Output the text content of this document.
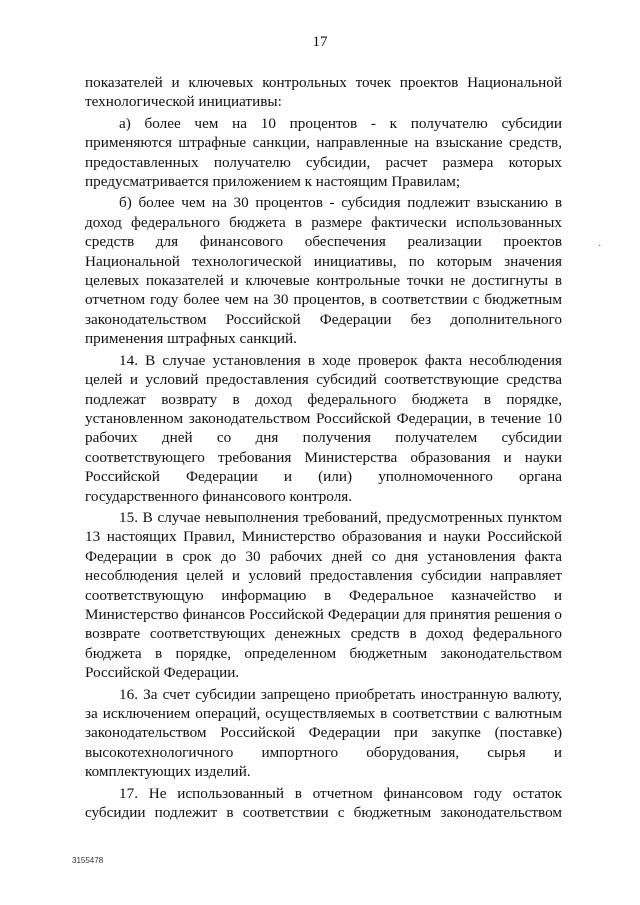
17

показателей и ключевых контрольных точек проектов Национальной технологической инициативы:

а) более чем на 10 процентов - к получателю субсидии применяются штрафные санкции, направленные на взыскание средств, предоставленных получателю субсидии, расчет размера которых предусматривается приложением к настоящим Правилам;

б) более чем на 30 процентов - субсидия подлежит взысканию в доход федерального бюджета в размере фактически использованных средств для финансового обеспечения реализации проектов Национальной технологической инициативы, по которым значения целевых показателей и ключевые контрольные точки не достигнуты в отчетном году более чем на 30 процентов, в соответствии с бюджетным законодательством Российской Федерации без дополнительного применения штрафных санкций.

14. В случае установления в ходе проверок факта несоблюдения целей и условий предоставления субсидий соответствующие средства подлежат возврату в доход федерального бюджета в порядке, установленном законодательством Российской Федерации, в течение 10 рабочих дней со дня получения получателем субсидии соответствующего требования Министерства образования и науки Российской Федерации и (или) уполномоченного органа государственного финансового контроля.

15. В случае невыполнения требований, предусмотренных пунктом 13 настоящих Правил, Министерство образования и науки Российской Федерации в срок до 30 рабочих дней со дня установления факта несоблюдения целей и условий предоставления субсидии направляет соответствующую информацию в Федеральное казначейство и Министерство финансов Российской Федерации для принятия решения о возврате соответствующих денежных средств в доход федерального бюджета в порядке, определенном бюджетным законодательством Российской Федерации.

16. За счет субсидии запрещено приобретать иностранную валюту, за исключением операций, осуществляемых в соответствии с валютным законодательством Российской Федерации при закупке (поставке) высокотехнологичного импортного оборудования, сырья и комплектующих изделий.

17. Не использованный в отчетном финансовом году остаток субсидии подлежит в соответствии с бюджетным законодательством

·
3155478
